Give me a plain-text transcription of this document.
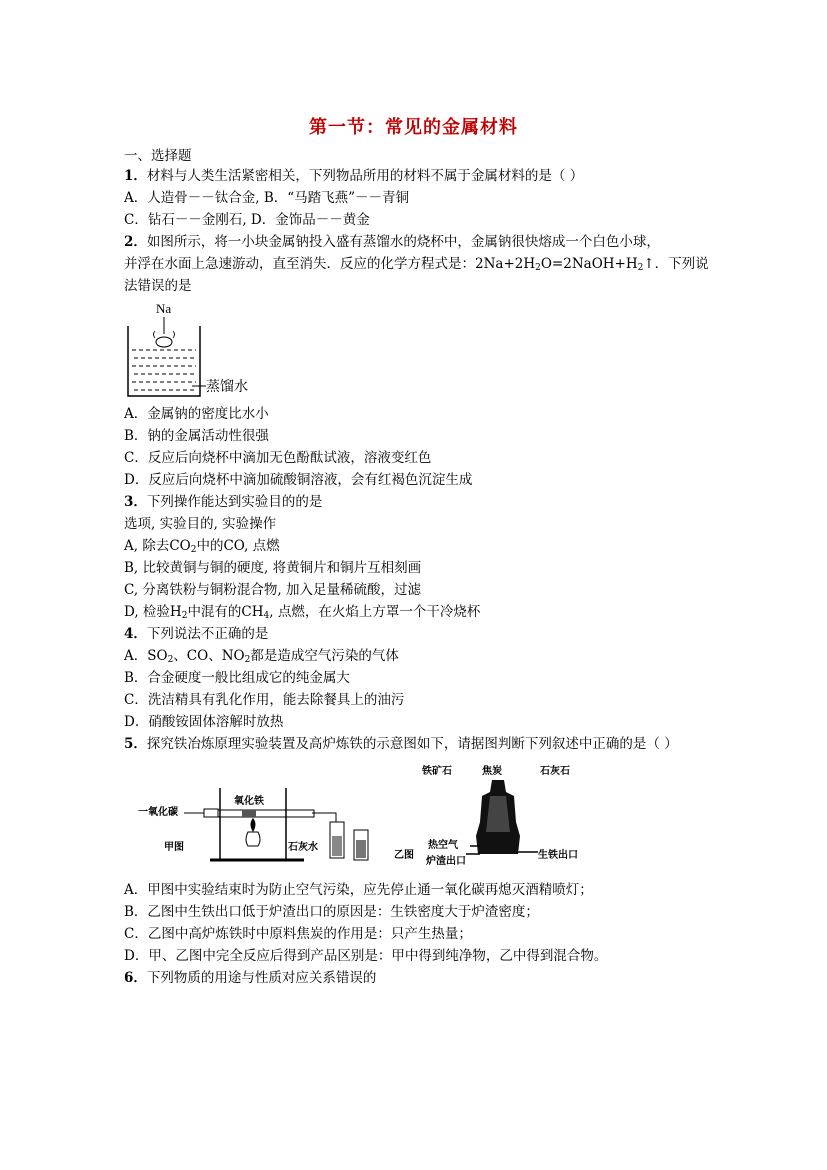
第一节：常见的金属材料
一、选择题
1．材料与人类生活紧密相关，下列物品所用的材料不属于金属材料的是（ ）
A．人造骨－－钛合金, B．“马踏飞燕”－－青铜
C．钻石－－金刚石, D．金饰品－－黄金
2．如图所示，将一小块金属钠投入盛有蒸馏水的烧杯中，金属钠很快熔成一个白色小球，
并浮在水面上急速游动，直至消失．反应的化学方程式是：$2Na+2H_2O=2NaOH+H_2↑$．下列说
法错误的是
Na
蒸馏水
A．金属钠的密度比水小
B．钠的金属活动性很强
C．反应后向烧杯中滴加无色酚酞试液，溶液变红色
D．反应后向烧杯中滴加硫酸铜溶液，会有红褐色沉淀生成
3．下列操作能达到实验目的的是
选项, 实验目的, 实验操作
A, 除去$CO_2$中的CO, 点燃
B, 比较黄铜与铜的硬度, 将黄铜片和铜片互相刻画
C, 分离铁粉与铜粉混合物, 加入足量稀硫酸，过滤
D, 检验$H_2$中混有的$CH_4$, 点燃，在火焰上方罩一个干冷烧杯
4．下列说法不正确的是
A．$SO_2$、CO、$NO_2$都是造成空气污染的气体
B．合金硬度一般比组成它的纯金属大
C．洗洁精具有乳化作用，能去除餐具上的油污
D．硝酸铵固体溶解时放热
5．探究铁冶炼原理实验装置及高炉炼铁的示意图如下，请据图判断下列叙述中正确的是（ ）
一氧化碳
氧化铁
甲图	石灰水
铁矿石	焦炭	石灰石
乙图
热空气
炉渣出口
生铁出口
A．甲图中实验结束时为防止空气污染，应先停止通一氧化碳再熄灭酒精喷灯；
B．乙图中生铁出口低于炉渣出口的原因是：生铁密度大于炉渣密度；
C．乙图中高炉炼铁时中原料焦炭的作用是：只产生热量；
D．甲、乙图中完全反应后得到产品区别是：甲中得到纯净物，乙中得到混合物。
6．下列物质的用途与性质对应关系错误的
